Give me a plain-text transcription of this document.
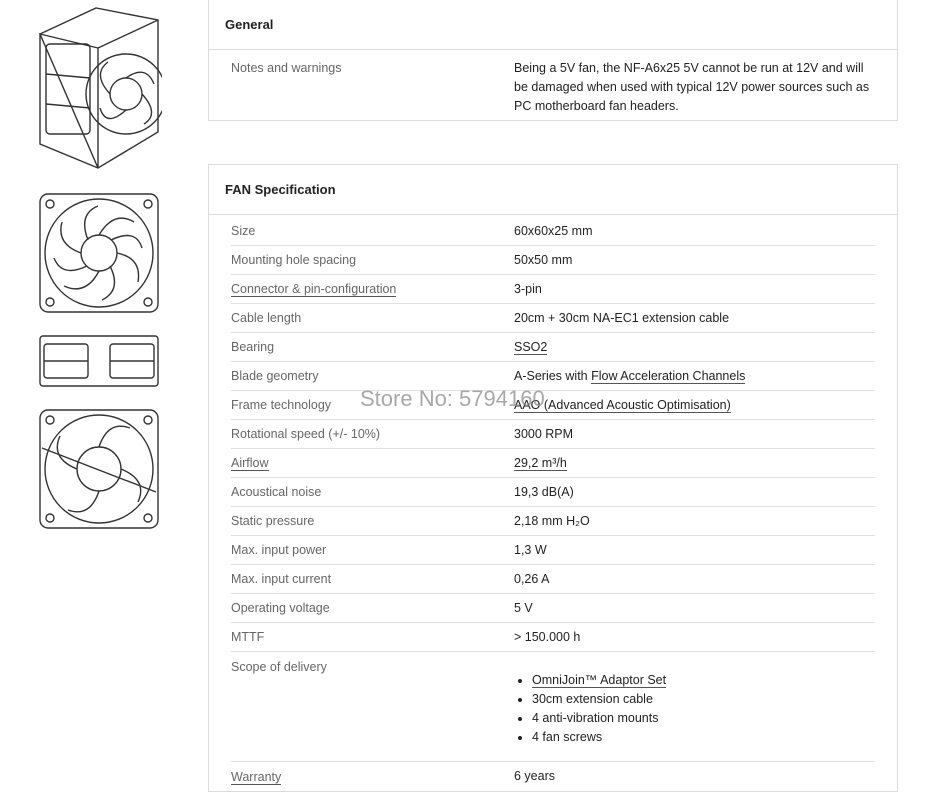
General
Notes and warnings	Being a 5V fan, the NF-A6x25 5V cannot be run at 12V and will be damaged when used with typical 12V power sources such as PC motherboard fan headers.
FAN Specification
Size	60x60x25 mm
Mounting hole spacing	50x50 mm
Connector & pin-configuration	3-pin
Cable length	20cm + 30cm NA-EC1 extension cable
Bearing	SSO2
Blade geometry	A-Series with Flow Acceleration Channels
Frame technology	AAO (Advanced Acoustic Optimisation)
Rotational speed (+/- 10%)	3000 RPM
Airflow	29,2 m³/h
Acoustical noise	19,3 dB(A)
Static pressure	2,18 mm H₂O
Max. input power	1,3 W
Max. input current	0,26 A
Operating voltage	5 V
MTTF	> 150.000 h
Scope of delivery
• OmniJoin™ Adaptor Set
• 30cm extension cable
• 4 anti-vibration mounts
• 4 fan screws
Warranty	6 years
Store No: 5794160
